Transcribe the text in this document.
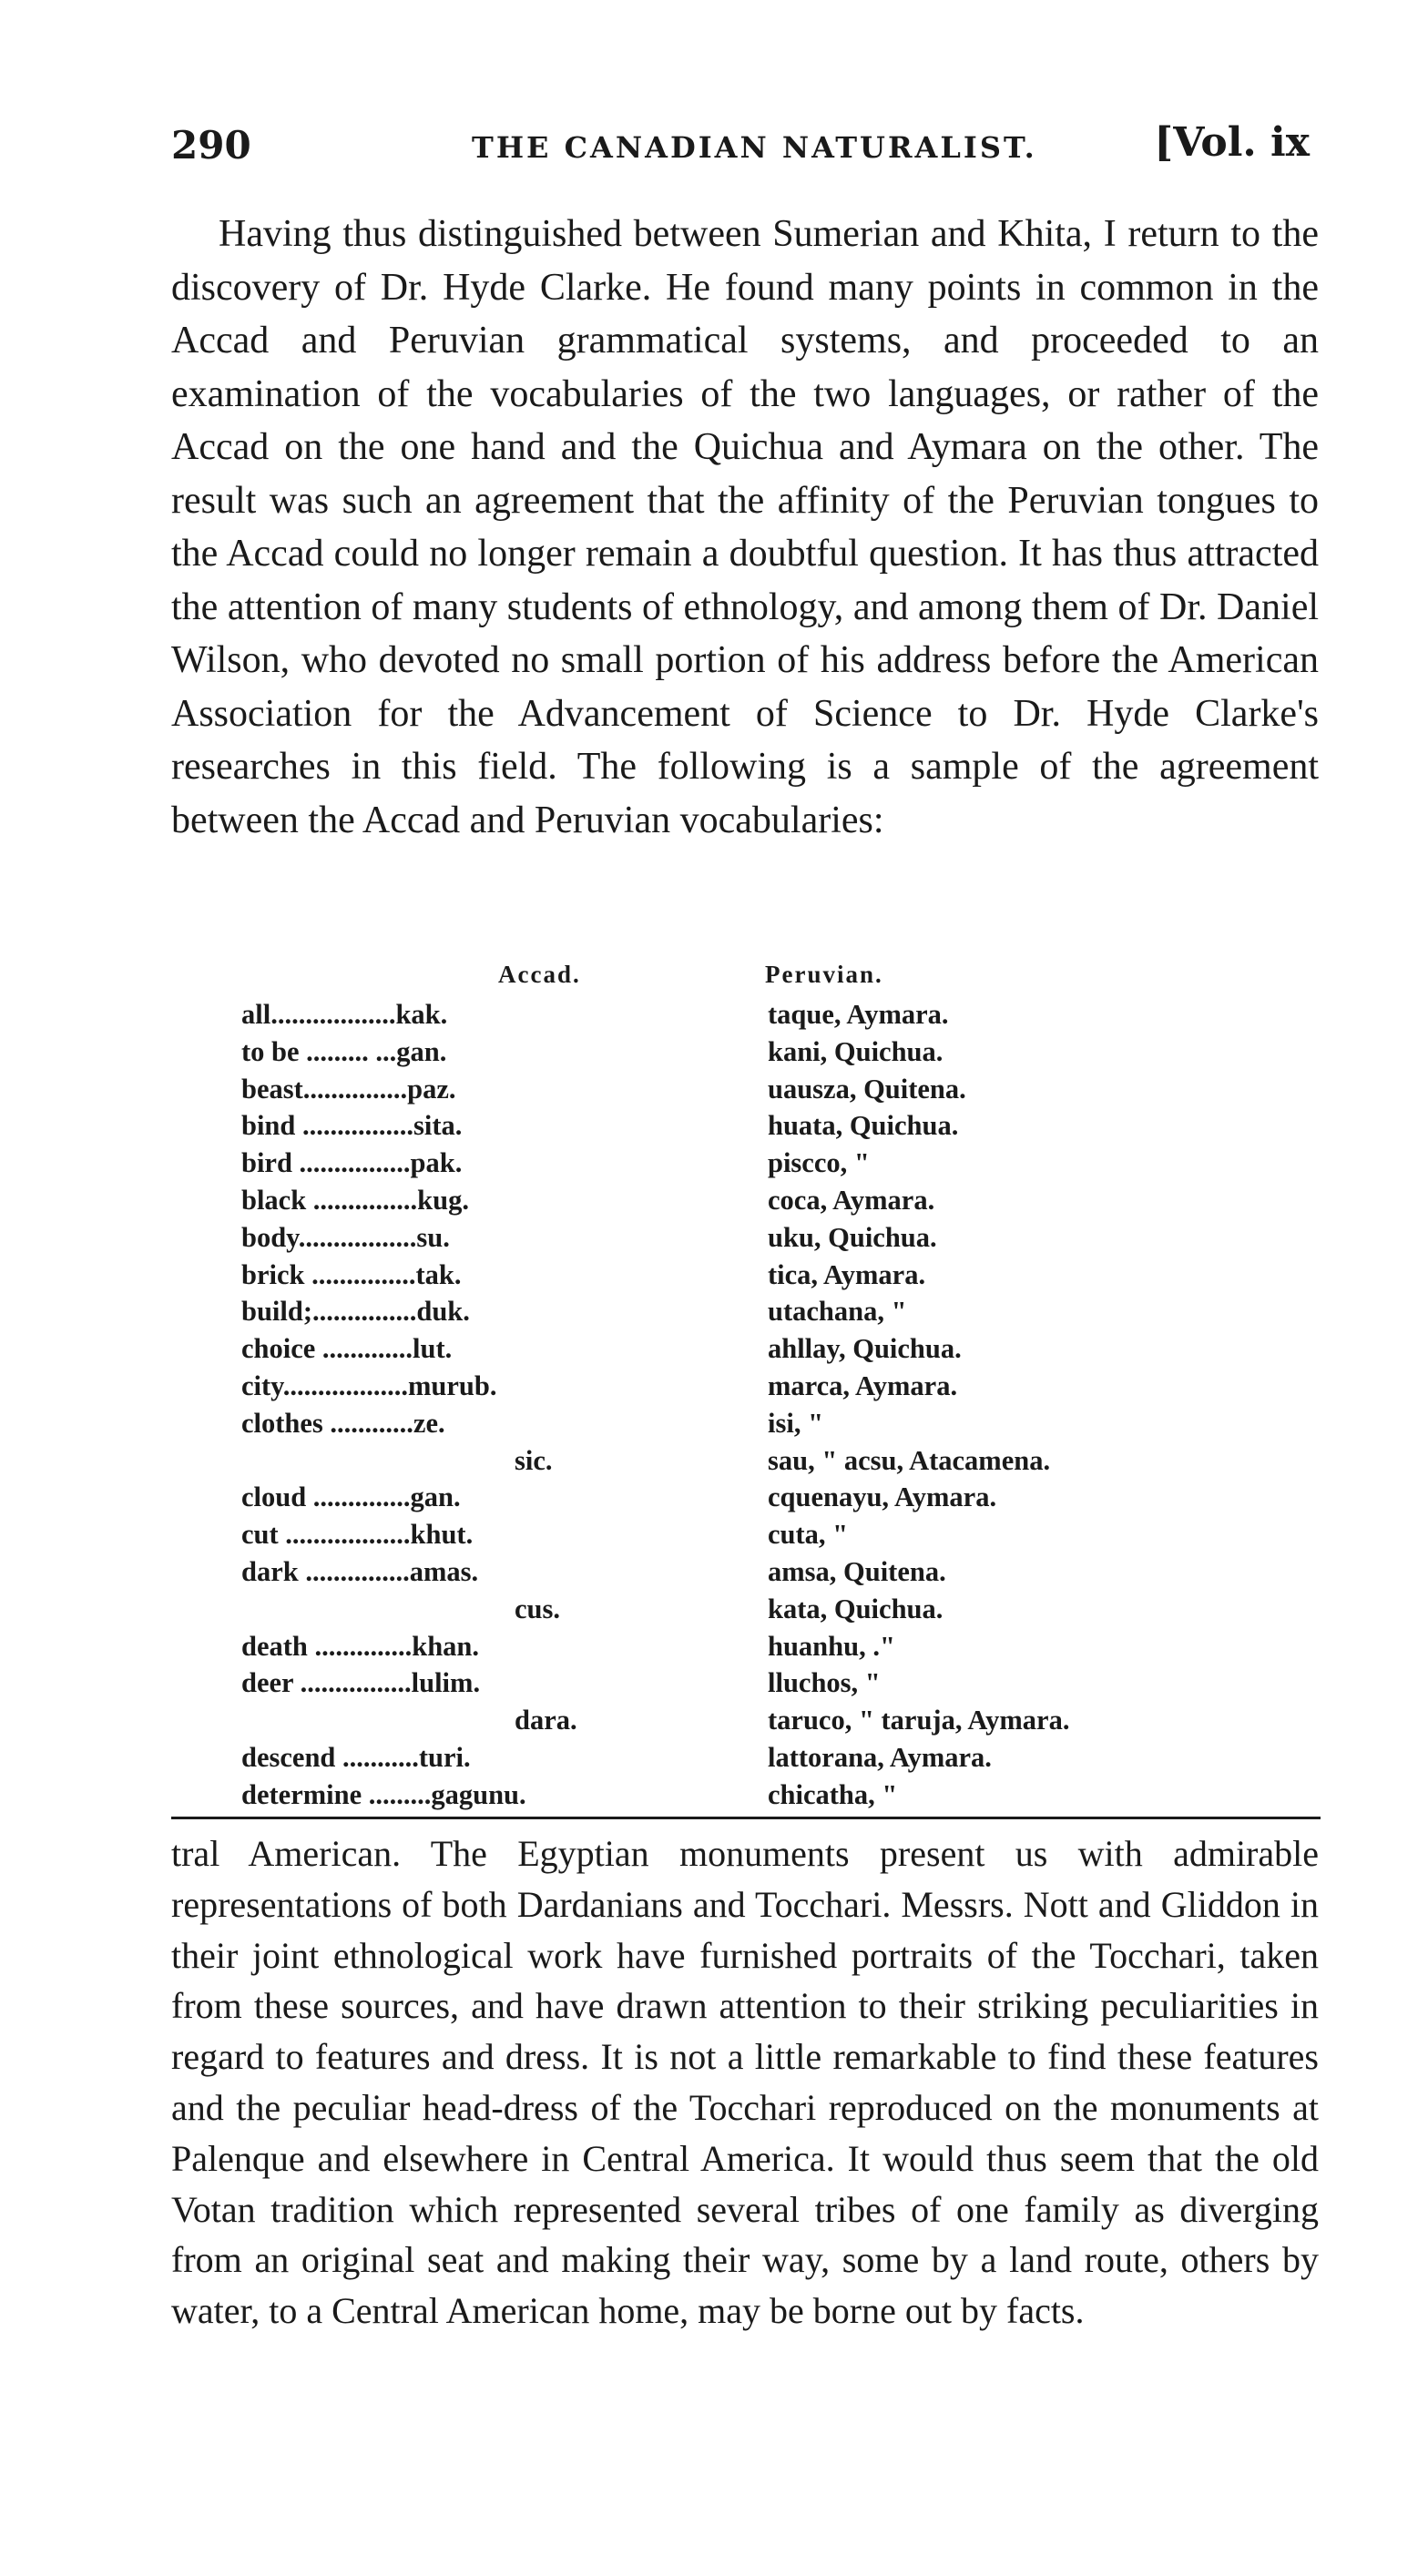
290	THE CANADIAN NATURALIST.	[Vol. ix

Having thus distinguished between Sumerian and Khita, I return to the discovery of Dr. Hyde Clarke. He found many points in common in the Accad and Peruvian grammatical systems, and proceeded to an examination of the vocabularies of the two languages, or rather of the Accad on the one hand and the Quichua and Aymara on the other. The result was such an agreement that the affinity of the Peruvian tongues to the Accad could no longer remain a doubtful question. It has thus attracted the attention of many students of ethnology, and among them of Dr. Daniel Wilson, who devoted no small portion of his address before the American Association for the Advancement of Science to Dr. Hyde Clarke's researches in this field. The following is a sample of the agreement between the Accad and Peruvian vocabularies:

Accad.	Peruvian.
all..................kak.	taque, Aymara.
to be ......... ...gan.	kani, Quichua.
beast...............paz.	uausza, Quitena.
bind ................sita.	huata, Quichua.
bird ................pak.	piscco, "
black ...............kug.	coca, Aymara.
body.................su.	uku, Quichua.
brick ...............tak.	tica, Aymara.
build;...............duk.	utachana, "
choice .............lut.	ahllay, Quichua.
city..................murub.	marca, Aymara.
clothes ............ze.	isi, "
sic.	sau, " acsu, Atacamena.
cloud ..............gan.	cquenayu, Aymara.
cut ..................khut.	cuta, "
dark ...............amas.	amsa, Quitena.
cus.	kata, Quichua.
death ..............khan.	huanhu, ."
deer ................lulim.	lluchos, "
dara.	taruco, " taruja, Aymara.
descend ...........turi.	lattorana, Aymara.
determine .........gagunu.	chicatha, "

tral American. The Egyptian monuments present us with admirable representations of both Dardanians and Tocchari. Messrs. Nott and Gliddon in their joint ethnological work have furnished portraits of the Tocchari, taken from these sources, and have drawn attention to their striking peculiarities in regard to features and dress. It is not a little remarkable to find these features and the peculiar head-dress of the Tocchari reproduced on the monuments at Palenque and elsewhere in Central America. It would thus seem that the old Votan tradition which represented several tribes of one family as diverging from an original seat and making their way, some by a land route, others by water, to a Central American home, may be borne out by facts.
